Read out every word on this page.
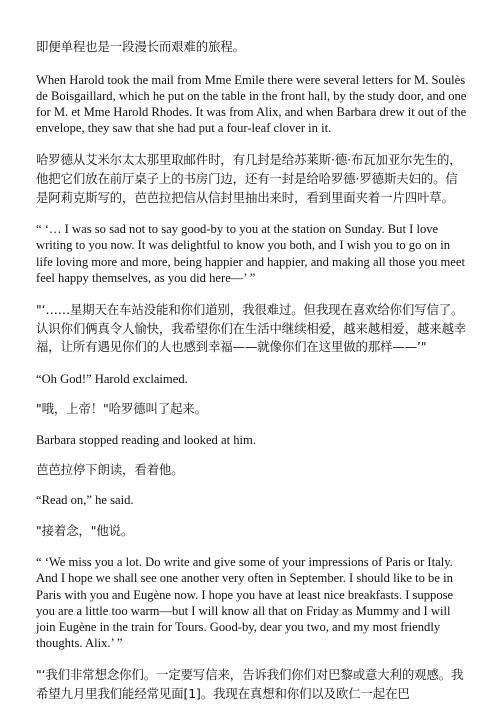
即便单程也是一段漫长而艰难的旅程。

When Harold took the mail from Mme Emile there were several letters for M. Soulès de Boisgaillard, which he put on the table in the front hall, by the study door, and one for M. et Mme Harold Rhodes. It was from Alix, and when Barbara drew it out of the envelope, they saw that she had put a four-leaf clover in it.

哈罗德从艾米尔太太那里取邮件时，有几封是给苏莱斯·德·布瓦加亚尔先生的，他把它们放在前厅桌子上的书房门边，还有一封是给哈罗德·罗德斯夫妇的。信是阿莉克斯写的，芭芭拉把信从信封里抽出来时，看到里面夹着一片四叶草。

“ ‘… I was so sad not to say good-by to you at the station on Sunday. But I love writing to you now. It was delightful to know you both, and I wish you to go on in life loving more and more, being happier and happier, and making all those you meet feel happy themselves, as you did here—’ ”

"‘……星期天在车站没能和你们道别，我很难过。但我现在喜欢给你们写信了。认识你们俩真令人愉快，我希望你们在生活中继续相爱，越来越相爱，越来越幸福，让所有遇见你们的人也感到幸福——就像你们在这里做的那样——’"

“Oh God!” Harold exclaimed.

"哦，上帝！"哈罗德叫了起来。

Barbara stopped reading and looked at him.

芭芭拉停下朗读，看着他。

“Read on,” he said.

"接着念，"他说。

“ ‘We miss you a lot. Do write and give some of your impressions of Paris or Italy. And I hope we shall see one another very often in September. I should like to be in Paris with you and Eugène now. I hope you have at least nice breakfasts. I suppose you are a little too warm—but I will know all that on Friday as Mummy and I will join Eugène in the train for Tours. Good-by, dear you two, and my most friendly thoughts. Alix.’ ”

"‘我们非常想念你们。一定要写信来，告诉我们你们对巴黎或意大利的观感。我希望九月里我们能经常见面[1]。我现在真想和你们以及欧仁一起在巴
